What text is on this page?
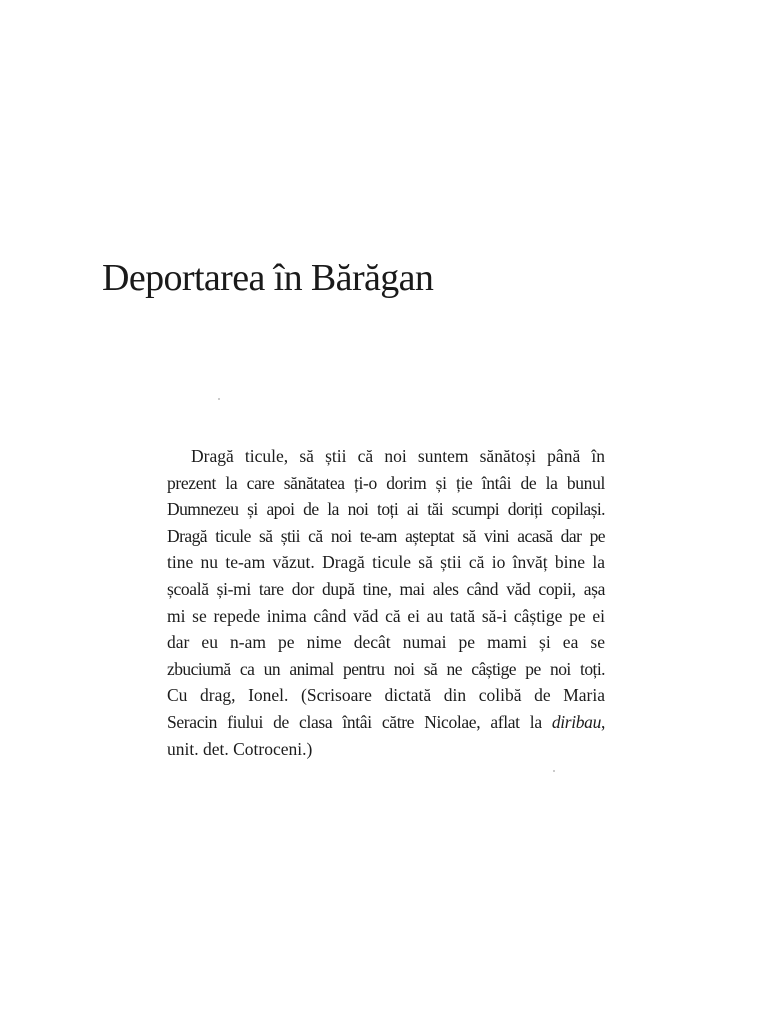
Deportarea în Bărăgan
Dragă ticule, să știi că noi suntem sănătoși până în
prezent la care sănătatea ți-o dorim și ție întâi de la bunul
Dumnezeu și apoi de la noi toți ai tăi scumpi doriți copilași.
Dragă ticule să știi că noi te-am așteptat să vini acasă dar pe
tine nu te-am văzut. Dragă ticule să știi că io învăț bine la
școală și-mi tare dor după tine, mai ales când văd copii, așa
mi se repede inima când văd că ei au tată să-i câștige pe ei
dar eu n-am pe nime decât numai pe mami și ea se
zbuciumă ca un animal pentru noi să ne câștige pe noi toți.
Cu drag, Ionel. (Scrisoare dictată din colibă de Maria
Seracin fiului de clasa întâi către Nicolae, aflat la diribau,
unit. det. Cotroceni.)
